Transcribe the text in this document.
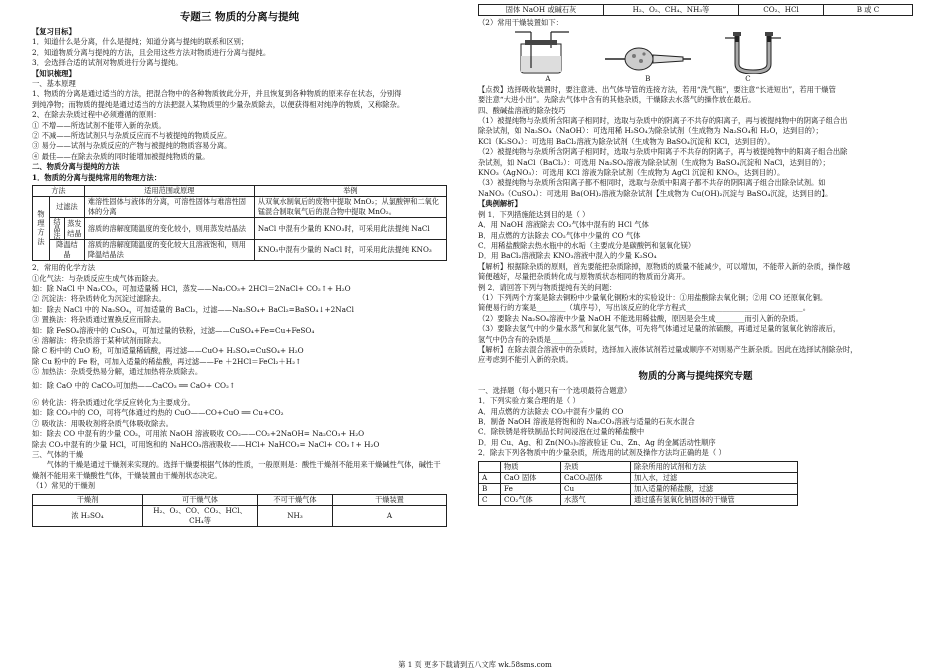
专题三 物质的分离与提纯
【复习目标】
1．知道什么是分离，什么是提纯；知道分离与提纯的联系和区别；
2．知道物质分离与提纯的方法，且会用这些方法对物质进行分离与提纯。
3．会选择合适的试剂对物质进行分离与提纯。
【知识梳理】
一、基本原理
1、物质的分离是通过适当的方法，把混合物中的各种物质彼此分开，并且恢复到各种物质的原来存在状态，分别得
到纯净物；而物质的提纯是通过适当的方法把混入某物质里的少量杂质除去，以便获得相对纯净的物质，又称除杂。
2、在除去杂质过程中必须遵循的原则：
① 不增——所选试剂不能带入新的杂质。
② 不减——所选试剂只与杂质反应而不与被提纯的物质反应。
③ 易分——试剂与杂质反应的产物与被提纯的物质容易分离。
④ 最佳——在除去杂质的同时能增加被提纯物质的量。
二、物质分离与提纯的方法
1．物质的分离与提纯常用的物理方法：
方法		适用范围或原理	举例
物理方法	过滤法	难溶性固体与液体的分离，可溶性固体与难溶性固体的分离	从双氧水制氧后的废物中提取 MnO₂；从氯酸钾和二氧化锰混合制取氧气后的混合物中提取 MnO₂。

	结晶法 蒸发结晶	溶质的溶解度随温度的变化较小，则用蒸发结晶法	NaCl 中混有少量的 KNO₃时，可采用此法提纯 NaCl
	降温结晶	溶质的溶解度随温度的变化较大且溶液饱和，则用降温结晶法	KNO₃中混有少量的 NaCl 时，可采用此法提纯 KNO₃
2．常用的化学方法
①化气法：与杂质反应生成气体而除去。
如：除 NaCl 中 Na₂CO₃，可加适量稀 HCl，蒸发——Na₂CO₃+ 2HCl＝2NaCl+ CO₂↑+ H₂O
② 沉淀法：将杂质转化为沉淀过滤除去。
如：除去 NaCl 中的 Na₂SO₄，可加适量的 BaCl₂，过滤——Na₂SO₄+ BaCl₂=BaSO₄↓+2NaCl
③ 置换法：将杂质通过置换反应而除去。
如：除 FeSO₄溶液中的 CuSO₄，可加过量的铁粉，过滤——CuSO₄+Fe=Cu+FeSO₄
④ 溶解法：将杂质溶于某种试剂而除去。
除 C 粉中的 CuO 粉，可加适量稀硫酸，再过滤——CuO+ H₂SO₄=CuSO₄+ H₂O
除 Cu 粉中的 Fe 粉，可加入适量的稀盐酸，再过滤——Fe ＋2HCl＝FeCl₂＋H₂↑
⑤ 加热法：杂质受热易分解，通过加热将杂质除去。
如：除 CaO 中的 CaCO₃可加热——CaCO₃ ══ CaO+ CO₂↑
⑥ 转化法：将杂质通过化学反应转化为主要成分。
如：除 CO₂中的 CO，可将气体通过灼热的 CuO——CO+CuO ══ Cu+CO₂
⑦ 吸收法：用吸收剂将杂质气体吸收除去。
如：除去 CO 中混有的少量 CO₂，可用浓 NaOH 溶液吸收 CO₂——CO₂+2NaOH= Na₂CO₃+ H₂O
除去 CO₂中混有的少量 HCl，可用饱和的 NaHCO₃溶液吸收——HCl+ NaHCO₃= NaCl+ CO₂↑+ H₂O
三、气体的干燥
气体的干燥是通过干燥剂来实现的。选择干燥要根据气体的性质，一般原则是：酸性干燥剂不能用来干燥碱性气体，碱性干燥剂不能用来干燥酸性气体，干燥装置由干燥剂状态决定。
（1）常见的干燥剂
干燥剂	可干燥气体	不可干燥气体	干燥装置
浓 H₂SO₄	H₂、O₂、CO、CO₂、HCl、CH₄等	NH₃	A
固体 NaOH 或碱石灰	H₂、O₂、CH₄、NH₃等	CO₂、HCl	B 或 C
（2）常用干燥装置如下：
A	B	C
【点拨】选择吸收装置时，要注意进、出气体导管的连接方法，若用“洗气瓶”，要注意“长进短出”，若用干燥管
要注意“大进小出”。先除去气体中含有的其他杂质，干燥除去水蒸气的操作放在最后。
四、酸碱盐溶液的除杂技巧
（1）被提纯物与杂质所含阳离子相同时，选取与杂质中的阴离子不共存的阳离子，再与被提纯物中的阴离子组合出
除杂试剂，如 Na₂SO₄（NaOH）：可选用稀 H₂SO₄为除杂试剂（生成物为 Na₂SO₄和 H₂O，达到目的）；
KCl（K₂SO₄）：可选用 BaCl₂溶液为除杂试剂（生成物为 BaSO₄沉淀和 KCl，达到目的）。
（2）被提纯物与杂质所含阴离子相同时，选取与杂质中阳离子不共存的阴离子，再与被提纯物中的阳离子组合出除
杂试剂，如 NaCl（BaCl₂）：可选用 Na₂SO₄溶液为除杂试剂（生成物为 BaSO₄沉淀和 NaCl，达到目的）；
KNO₃（AgNO₃）：可选用 KCl 溶液为除杂试剂（生成物为 AgCl 沉淀和 KNO₃，达到目的）。
（3）被提纯物与杂质所含阳离子都不相同时，选取与杂质中阳离子都不共存的阴阳离子组合出除杂试剂。如
NaNO₃（CuSO₄）：可选用 Ba(OH)₂溶液为除杂试剂【生成物为 Cu(OH)₂沉淀与 BaSO₄沉淀，达到目的】。
【典例解析】
例 1．下列措施能达到目的是（ ）
A．用 NaOH 溶液除去 CO₂气体中混有的 HCl 气体
B．用点燃的方法除去 CO₂气体中少量的 CO 气体
C．用稀盐酸除去热水瓶中的水垢（主要成分是碳酸钙和氢氧化镁）
D．用 BaCl₂溶液除去 KNO₃溶液中混入的少量 K₂SO₄
【解析】根据除杂质的原则，首先要能把杂质除掉，原物质的质量不能减少，可以增加，不能带入新的杂质，操作越
简便越好，尽量把杂质转化成与原物质状态相同的物质而分离开。
例 2．请回答下列与物质提纯有关的问题：
（1）下列两个方案是除去铜粉中少量氧化铜粉末的实验设计：①用盐酸除去氧化铜；②用 CO 还原氧化铜。
简便易行的方案是________（填序号），写出该反应的化学方程式________________________________。
（2）要除去 Na₂SO₄溶液中少量 NaOH 不能选用稀盐酸，原因是会生成________而引入新的杂质。
（3）要除去氢气中的少量水蒸气和氯化氢气体，可先将气体通过足量的浓硫酸，再通过足量的氢氧化钠溶液后，
氢气中仍含有的杂质是________。
【解析】在除去混合溶液中的杂质时，选择加入液体试剂若过量或顺序不对则易产生新杂质。因此在选择试剂除杂时，
应考虑到不能引入新的杂质。
物质的分离与提纯探究专题
一、选择题（每小题只有一个选项最符合题意）
1．下列实验方案合理的是（ ）
A．用点燃的方法除去 CO₂中混有少量的 CO
B．制备 NaOH 溶液是将饱和的 Na₂CO₃溶液与适量的石灰水混合
C．除铁锈是将铁制品长时间浸泡在过量的稀盐酸中
D．用 Cu、Ag、和 Zn(NO₃)₂溶液验证 Cu、Zn、Ag 的金属活动性顺序
2．除去下列各物质中的少量杂质，所选用的试剂及操作方法均正确的是（ ）
	物质	杂质	除杂所用的试剂和方法
A	CaO 固体	CaCO₃固体	加入水，过滤
B	Fe	Cu	加入适量的稀盐酸，过滤
C	CO₂气体	水蒸气	通过盛有氢氧化钠固体的干燥管
第 1 页 更多下载请到五八文库 wk.58sms.com
